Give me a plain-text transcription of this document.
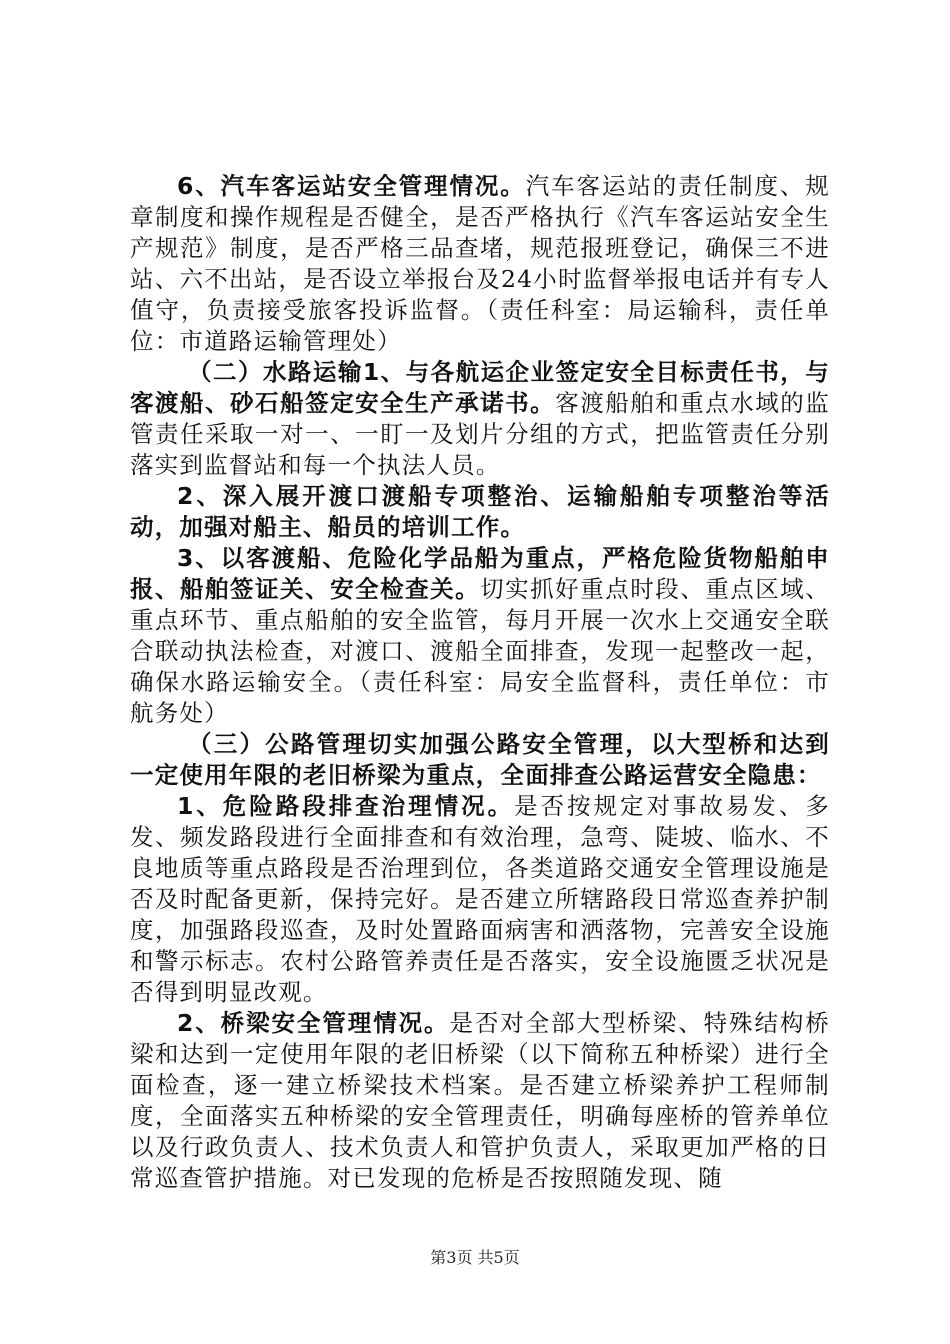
6、汽车客运站安全管理情况。汽车客运站的责任制度、规章制度和操作规程是否健全，是否严格执行《汽车客运站安全生产规范》制度，是否严格三品查堵，规范报班登记，确保三不进站、六不出站，是否设立举报台及24小时监督举报电话并有专人值守，负责接受旅客投诉监督。（责任科室：局运输科，责任单位：市道路运输管理处）

（二）水路运输1、与各航运企业签定安全目标责任书，与客渡船、砂石船签定安全生产承诺书。客渡船舶和重点水域的监管责任采取一对一、一盯一及划片分组的方式，把监管责任分别落实到监督站和每一个执法人员。

2、深入展开渡口渡船专项整治、运输船舶专项整治等活动，加强对船主、船员的培训工作。

3、以客渡船、危险化学品船为重点，严格危险货物船舶申报、船舶签证关、安全检查关。切实抓好重点时段、重点区域、重点环节、重点船舶的安全监管，每月开展一次水上交通安全联合联动执法检查，对渡口、渡船全面排查，发现一起整改一起，确保水路运输安全。（责任科室：局安全监督科，责任单位：市航务处）

（三）公路管理切实加强公路安全管理，以大型桥和达到一定使用年限的老旧桥梁为重点，全面排查公路运营安全隐患：

1、危险路段排查治理情况。是否按规定对事故易发、多发、频发路段进行全面排查和有效治理，急弯、陡坡、临水、不良地质等重点路段是否治理到位，各类道路交通安全管理设施是否及时配备更新，保持完好。是否建立所辖路段日常巡查养护制度，加强路段巡查，及时处置路面病害和洒落物，完善安全设施和警示标志。农村公路管养责任是否落实，安全设施匮乏状况是否得到明显改观。

2、桥梁安全管理情况。是否对全部大型桥梁、特殊结构桥梁和达到一定使用年限的老旧桥梁（以下简称五种桥梁）进行全面检查，逐一建立桥梁技术档案。是否建立桥梁养护工程师制度，全面落实五种桥梁的安全管理责任，明确每座桥的管养单位以及行政负责人、技术负责人和管护负责人，采取更加严格的日常巡查管护措施。对已发现的危桥是否按照随发现、随

第3页 共5页
